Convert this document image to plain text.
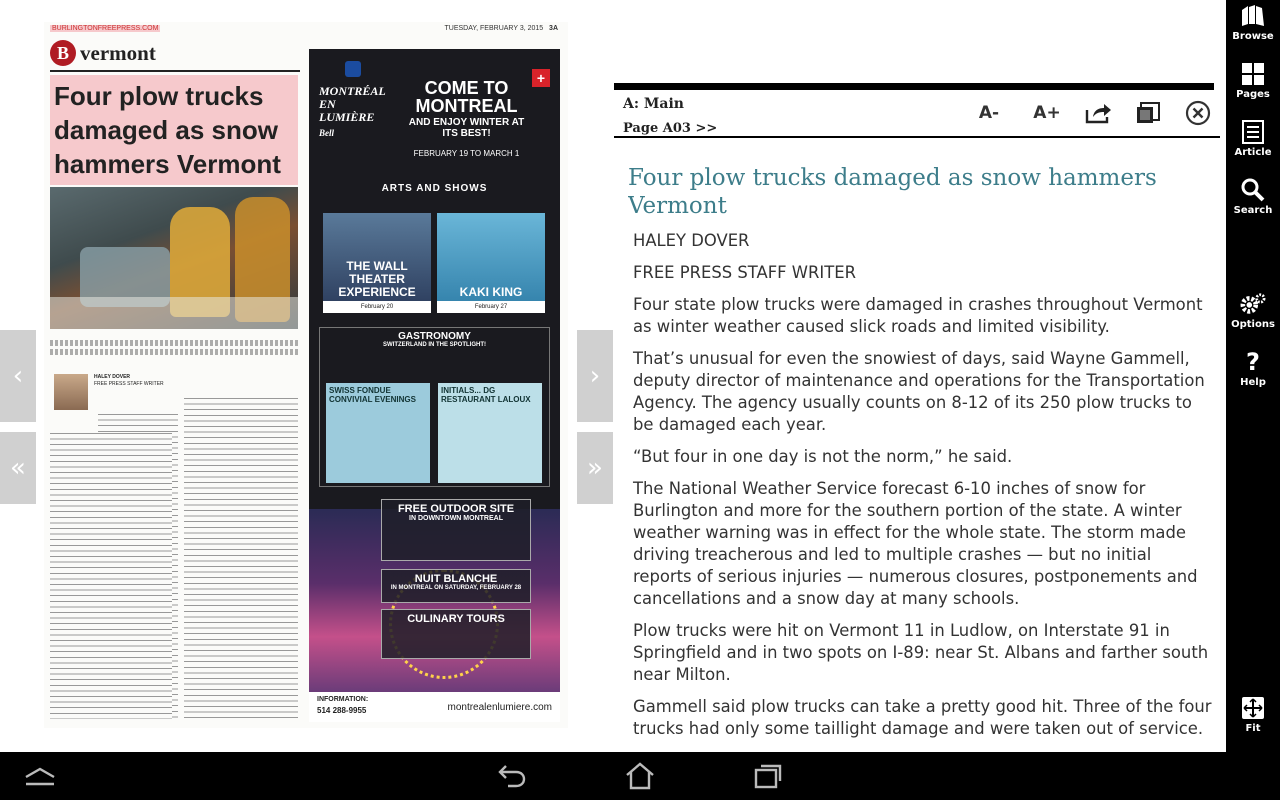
BURLINGTONFREEPRESS.COM	TUESDAY, FEBRUARY 3, 2015 3A
B vermont
Four plow trucks damaged as snow hammers Vermont
HALEY DOVER
FREE PRESS STAFF WRITER
+
MONTRÉAL EN LUMIÈRE
Bell
COME TO MONTREAL
AND ENJOY WINTER AT ITS BEST!
FEBRUARY 19 TO MARCH 1
ARTS AND SHOWS
THE WALL THEATER EXPERIENCE
February 20
KAKI KING
February 27
GASTRONOMY
SWITZERLAND IN THE SPOTLIGHT!
SWISS FONDUE CONVIVIAL EVENINGS
INITIALS... DG RESTAURANT LALOUX
FREE OUTDOOR SITE
IN DOWNTOWN MONTREAL
NUIT BLANCHE
IN MONTREAL ON SATURDAY, FEBRUARY 28
CULINARY TOURS
INFORMATION:
514 288-9955	montrealenlumiere.com
‹
«
›
»
A: Main
Page A03 >>
A-	A+
Four plow trucks damaged as snow hammers Vermont
HALEY DOVER
FREE PRESS STAFF WRITER
Four state plow trucks were damaged in crashes throughout Vermont as winter weather caused slick roads and limited visibility.
That’s unusual for even the snowiest of days, said Wayne Gammell, deputy director of maintenance and operations for the Transportation Agency. The agency usually counts on 8-12 of its 250 plow trucks to be damaged each year.
“But four in one day is not the norm,” he said.
The National Weather Service forecast 6-10 inches of snow for Burlington and more for the southern portion of the state. A winter weather warning was in effect for the whole state. The storm made driving treacherous and led to multiple crashes — but no initial reports of serious injuries — numerous closures, postponements and cancellations and a snow day at many schools.
Plow trucks were hit on Vermont 11 in Ludlow, on Interstate 91 in Springfield and in two spots on I-89: near St. Albans and farther south near Milton.
Gammell said plow trucks can take a pretty good hit. Three of the four trucks had only some taillight damage and were taken out of service.
Browse
Pages
Article
Search
Options
?
Help
Fit
